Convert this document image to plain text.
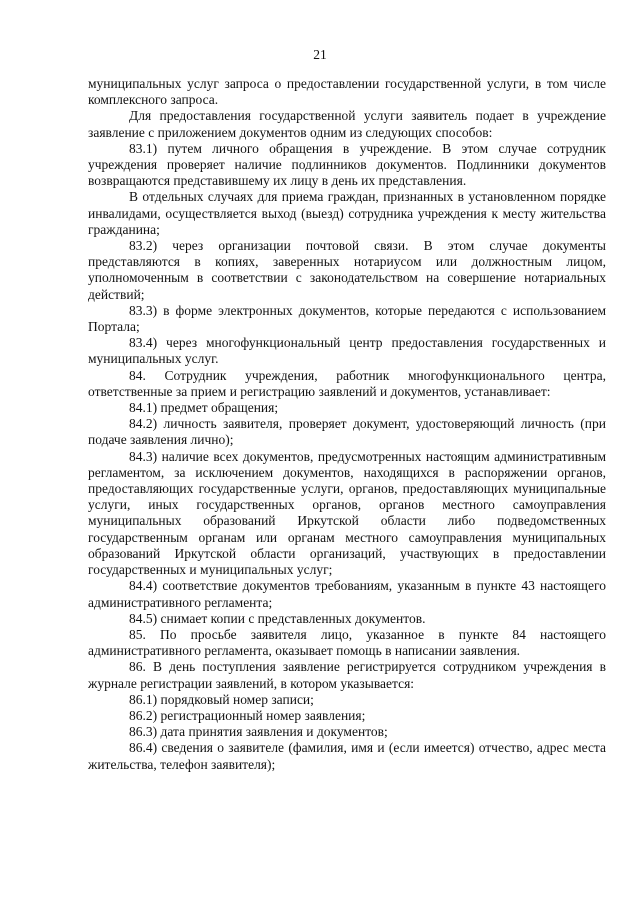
21

муниципальных услуг запроса о предоставлении государственной услуги, в том числе комплексного запроса.

Для предоставления государственной услуги заявитель подает в учреждение заявление с приложением документов одним из следующих способов:

83.1) путем личного обращения в учреждение. В этом случае сотрудник учреждения проверяет наличие подлинников документов. Подлинники документов возвращаются представившему их лицу в день их представления.

В отдельных случаях для приема граждан, признанных в установленном порядке инвалидами, осуществляется выход (выезд) сотрудника учреждения к месту жительства гражданина;

83.2) через организации почтовой связи. В этом случае документы представляются в копиях, заверенных нотариусом или должностным лицом, уполномоченным в соответствии с законодательством на совершение нотариальных действий;

83.3) в форме электронных документов, которые передаются с использованием Портала;

83.4) через многофункциональный центр предоставления государственных и муниципальных услуг.

84. Сотрудник учреждения, работник многофункционального центра, ответственные за прием и регистрацию заявлений и документов, устанавливает:

84.1) предмет обращения;

84.2) личность заявителя, проверяет документ, удостоверяющий личность (при подаче заявления лично);

84.3) наличие всех документов, предусмотренных настоящим административным регламентом, за исключением документов, находящихся в распоряжении органов, предоставляющих государственные услуги, органов, предоставляющих муниципальные услуги, иных государственных органов, органов местного самоуправления муниципальных образований Иркутской области либо подведомственных государственным органам или органам местного самоуправления муниципальных образований Иркутской области организаций, участвующих в предоставлении государственных и муниципальных услуг;

84.4) соответствие документов требованиям, указанным в пункте 43 настоящего административного регламента;

84.5) снимает копии с представленных документов.

85. По просьбе заявителя лицо, указанное в пункте 84 настоящего административного регламента, оказывает помощь в написании заявления.

86. В день поступления заявление регистрируется сотрудником учреждения в журнале регистрации заявлений, в котором указывается:

86.1) порядковый номер записи;

86.2) регистрационный номер заявления;

86.3) дата принятия заявления и документов;

86.4) сведения о заявителе (фамилия, имя и (если имеется) отчество, адрес места жительства, телефон заявителя);
